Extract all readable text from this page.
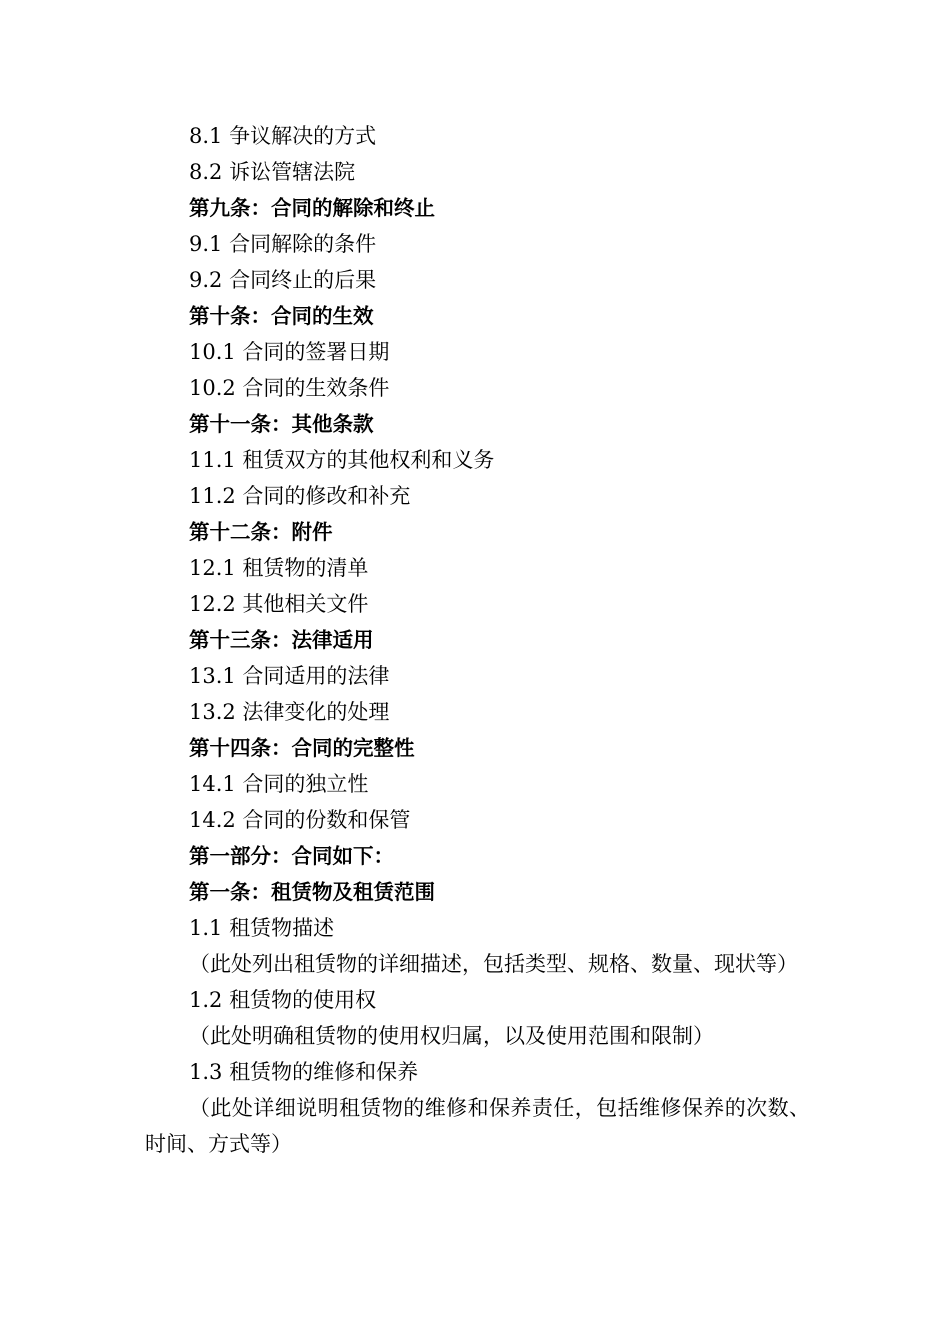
8.1 争议解决的方式

8.2 诉讼管辖法院

第九条：合同的解除和终止

9.1 合同解除的条件

9.2 合同终止的后果

第十条：合同的生效

10.1 合同的签署日期

10.2 合同的生效条件

第十一条：其他条款

11.1 租赁双方的其他权利和义务

11.2 合同的修改和补充

第十二条：附件

12.1 租赁物的清单

12.2 其他相关文件

第十三条：法律适用

13.1 合同适用的法律

13.2 法律变化的处理

第十四条：合同的完整性

14.1 合同的独立性

14.2 合同的份数和保管

第一部分：合同如下：

第一条：租赁物及租赁范围

1.1 租赁物描述

（此处列出租赁物的详细描述，包括类型、规格、数量、现状等）

1.2 租赁物的使用权

（此处明确租赁物的使用权归属，以及使用范围和限制）

1.3 租赁物的维修和保养

（此处详细说明租赁物的维修和保养责任，包括维修保养的次数、时间、方式等）
